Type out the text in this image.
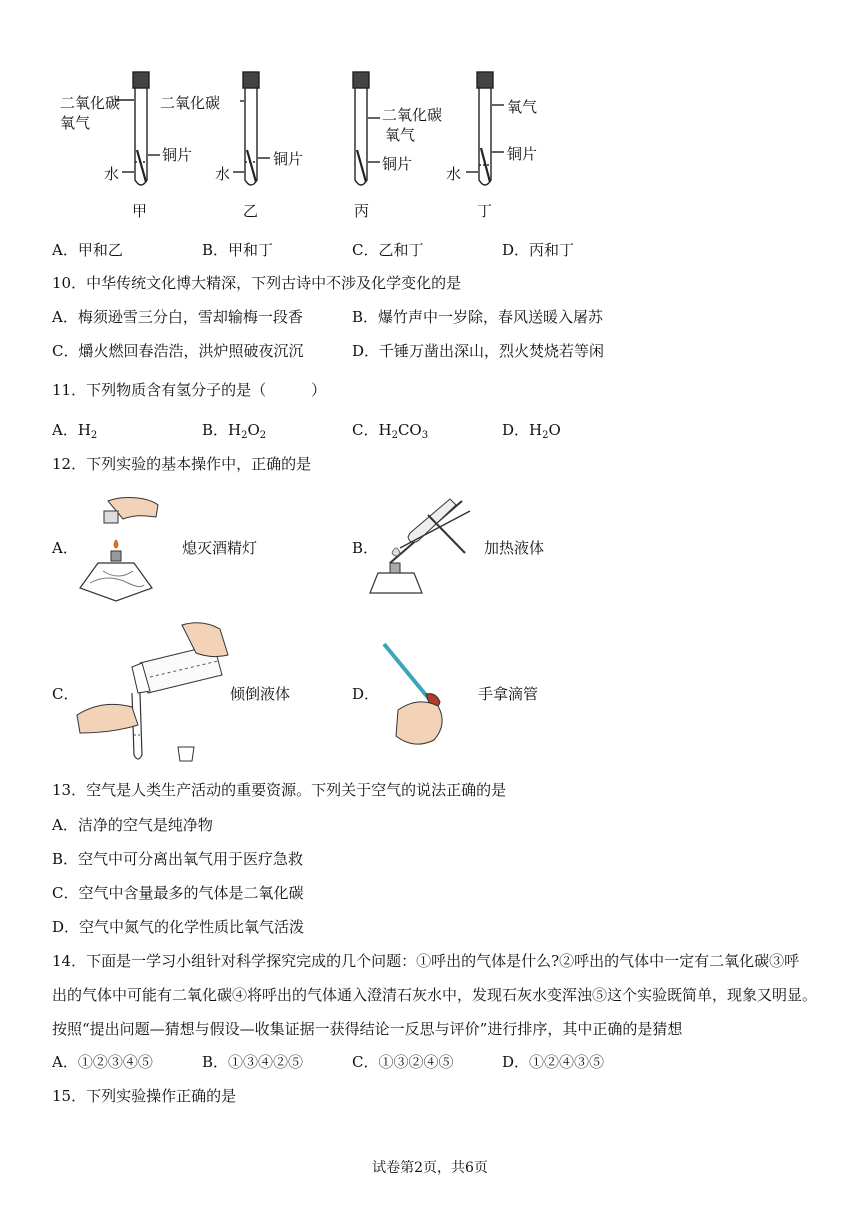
二氧化碳
氧气
铜片
水
二氧化碳
铜片
水
二氧化碳
氧气
铜片
氧气
铜片
水
甲	乙	丙	丁
A．甲和乙	B．甲和丁	C．乙和丁	D．丙和丁
10．中华传统文化博大精深，下列古诗中不涉及化学变化的是
A．梅须逊雪三分白，雪却输梅一段香	B．爆竹声中一岁除，春风送暖入屠苏
C．爝火燃回春浩浩，洪炉照破夜沉沉	D．千锤万凿出深山，烈火焚烧若等闲
11．下列物质含有氢分子的是（　　　）
A．$H_2$	B．$H_2O_2$	C．$H_2CO_3$	D．$H_2O$
12．下列实验的基本操作中，正确的是
A．	熄灭酒精灯	B．	加热液体
C．	倾倒液体	D．	手拿滴管
13．空气是人类生产活动的重要资源。下列关于空气的说法正确的是
A．洁净的空气是纯净物
B．空气中可分离出氧气用于医疗急救
C．空气中含量最多的气体是二氧化碳
D．空气中氮气的化学性质比氧气活泼
14．下面是一学习小组针对科学探究完成的几个问题：①呼出的气体是什么?②呼出的气体中一定有二氧化碳③呼
出的气体中可能有二氧化碳④将呼出的气体通入澄清石灰水中，发现石灰水变浑浊⑤这个实验既简单，现象又明显。
按照“提出问题—猜想与假设—收集证据一获得结论一反思与评价”进行排序，其中正确的是猜想
A．①②③④⑤	B．①③④②⑤	C．①③②④⑤	D．①②④③⑤
15．下列实验操作正确的是
试卷第2页，共6页
